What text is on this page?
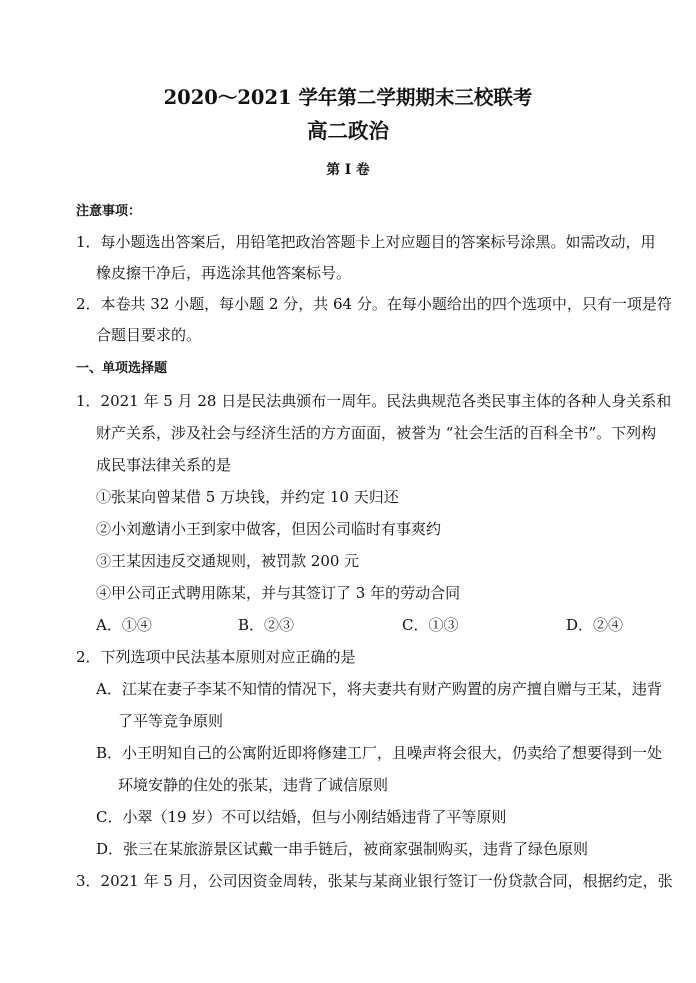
2020～2021 学年第二学期期末三校联考
高二政治
第 I 卷
注意事项：
1．每小题选出答案后，用铅笔把政治答题卡上对应题目的答案标号涂黑。如需改动，用
橡皮擦干净后，再选涂其他答案标号。
2．本卷共 32 小题，每小题 2 分，共 64 分。在每小题给出的四个选项中，只有一项是符
合题目要求的。
一、单项选择题
1．2021 年 5 月 28 日是民法典颁布一周年。民法典规范各类民事主体的各种人身关系和
财产关系，涉及社会与经济生活的方方面面，被誉为 “社会生活的百科全书”。下列构
成民事法律关系的是
①张某向曾某借 5 万块钱，并约定 10 天归还
②小刘邀请小王到家中做客，但因公司临时有事爽约
③王某因违反交通规则，被罚款 200 元
④甲公司正式聘用陈某，并与其签订了 3 年的劳动合同
A．①④	B．②③	C．①③	D．②④
2．下列选项中民法基本原则对应正确的是
A．江某在妻子李某不知情的情况下，将夫妻共有财产购置的房产擅自赠与王某，违背
了平等竞争原则
B．小王明知自己的公寓附近即将修建工厂，且噪声将会很大，仍卖给了想要得到一处
环境安静的住处的张某，违背了诚信原则
C．小翠（19 岁）不可以结婚，但与小刚结婚违背了平等原则
D．张三在某旅游景区试戴一串手链后，被商家强制购买，违背了绿色原则
3．2021 年 5 月，公司因资金周转，张某与某商业银行签订一份贷款合同，根据约定，张
